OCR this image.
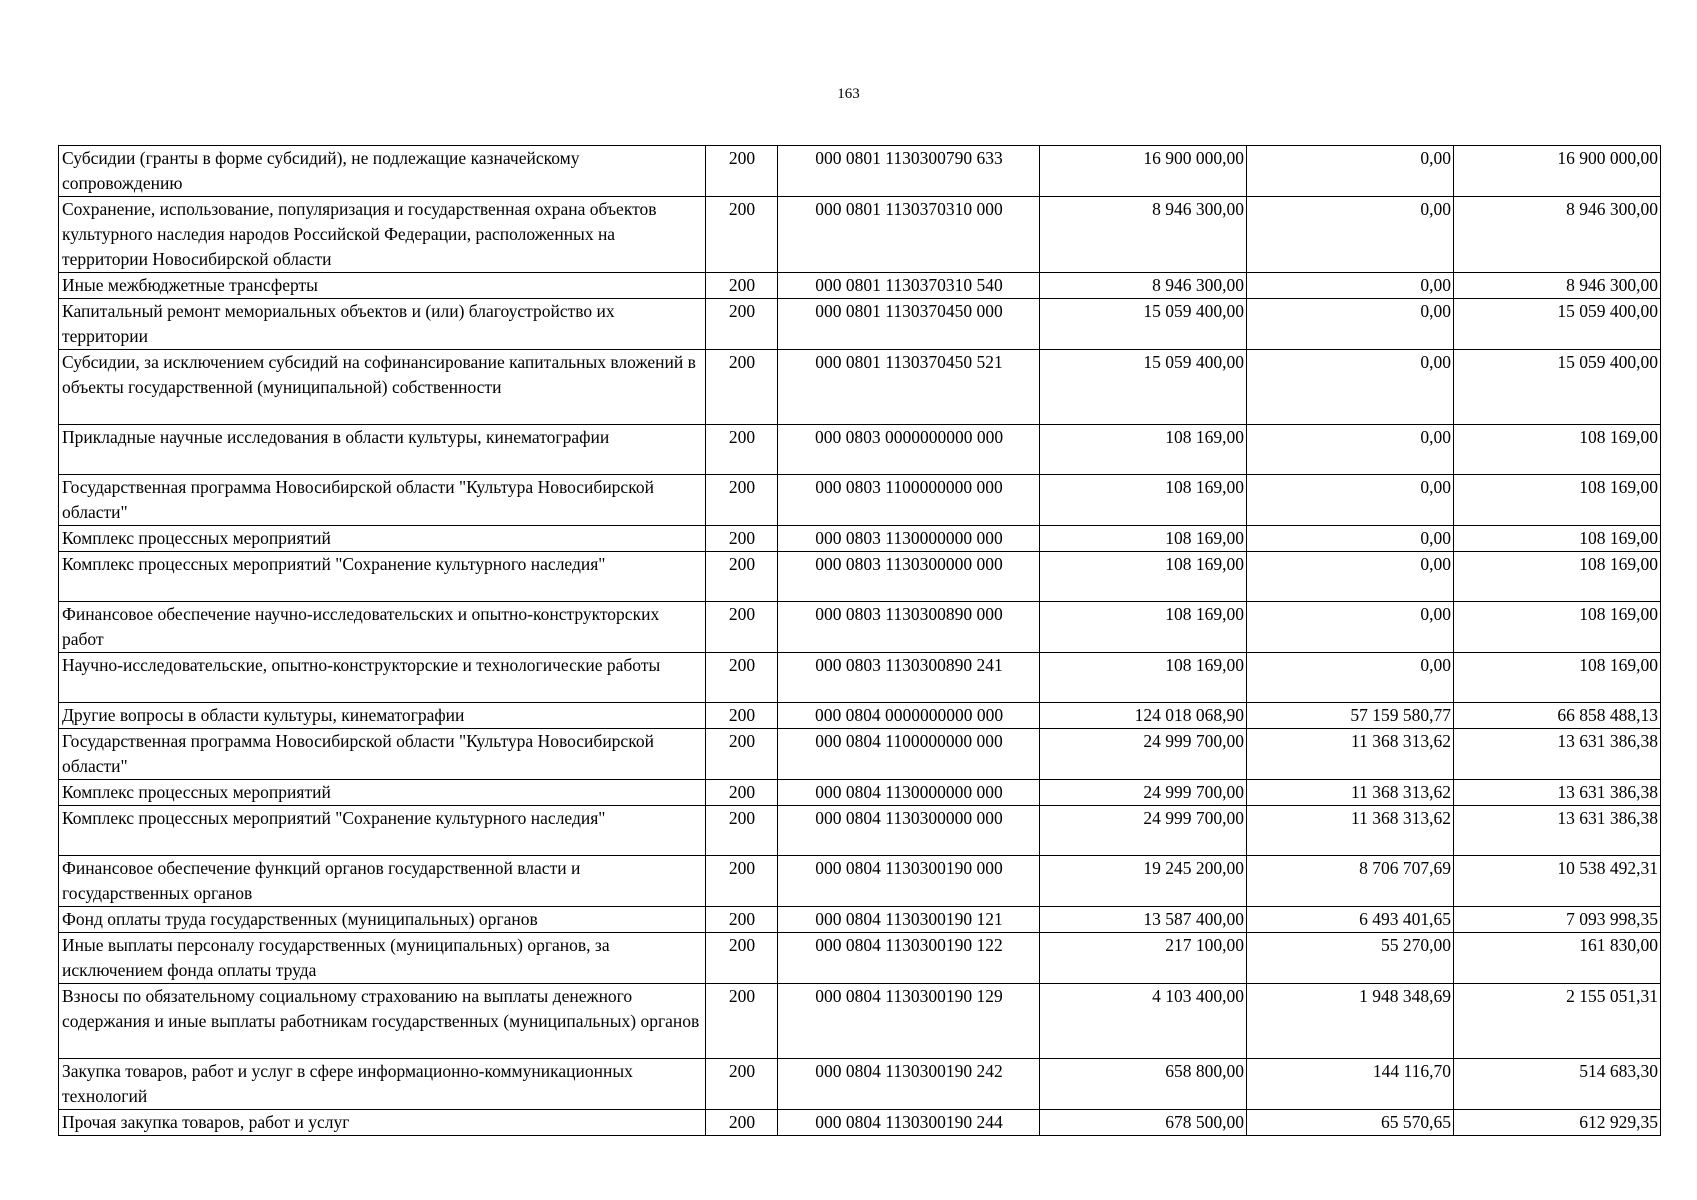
163
Субсидии (гранты в форме субсидий), не подлежащие казначейскому сопровождению	200	000 0801 1130300790 633	16 900 000,00	0,00	16 900 000,00
Сохранение, использование, популяризация и государственная охрана объектов культурного наследия народов Российской Федерации, расположенных на территории Новосибирской области	200	000 0801 1130370310 000	8 946 300,00	0,00	8 946 300,00
Иные межбюджетные трансферты	200	000 0801 1130370310 540	8 946 300,00	0,00	8 946 300,00
Капитальный ремонт мемориальных объектов и (или) благоустройство их территории	200	000 0801 1130370450 000	15 059 400,00	0,00	15 059 400,00
Субсидии, за исключением субсидий на софинансирование капитальных вложений в объекты государственной (муниципальной) собственности	200	000 0801 1130370450 521	15 059 400,00	0,00	15 059 400,00
Прикладные научные исследования в области культуры, кинематографии	200	000 0803 0000000000 000	108 169,00	0,00	108 169,00
Государственная программа Новосибирской области "Культура Новосибирской области"	200	000 0803 1100000000 000	108 169,00	0,00	108 169,00
Комплекс процессных мероприятий	200	000 0803 1130000000 000	108 169,00	0,00	108 169,00
Комплекс процессных мероприятий "Сохранение культурного наследия"	200	000 0803 1130300000 000	108 169,00	0,00	108 169,00
Финансовое обеспечение научно-исследовательских и опытно-конструкторских работ	200	000 0803 1130300890 000	108 169,00	0,00	108 169,00
Научно-исследовательские, опытно-конструкторские и технологические работы	200	000 0803 1130300890 241	108 169,00	0,00	108 169,00
Другие вопросы в области культуры, кинематографии	200	000 0804 0000000000 000	124 018 068,90	57 159 580,77	66 858 488,13
Государственная программа Новосибирской области "Культура Новосибирской области"	200	000 0804 1100000000 000	24 999 700,00	11 368 313,62	13 631 386,38
Комплекс процессных мероприятий	200	000 0804 1130000000 000	24 999 700,00	11 368 313,62	13 631 386,38
Комплекс процессных мероприятий "Сохранение культурного наследия"	200	000 0804 1130300000 000	24 999 700,00	11 368 313,62	13 631 386,38
Финансовое обеспечение функций органов государственной власти и государственных органов	200	000 0804 1130300190 000	19 245 200,00	8 706 707,69	10 538 492,31
Фонд оплаты труда государственных (муниципальных) органов	200	000 0804 1130300190 121	13 587 400,00	6 493 401,65	7 093 998,35
Иные выплаты персоналу государственных (муниципальных) органов, за исключением фонда оплаты труда	200	000 0804 1130300190 122	217 100,00	55 270,00	161 830,00
Взносы по обязательному социальному страхованию на выплаты денежного содержания и иные выплаты работникам государственных (муниципальных) органов	200	000 0804 1130300190 129	4 103 400,00	1 948 348,69	2 155 051,31
Закупка товаров, работ и услуг в сфере информационно-коммуникационных технологий	200	000 0804 1130300190 242	658 800,00	144 116,70	514 683,30
Прочая закупка товаров, работ и услуг	200	000 0804 1130300190 244	678 500,00	65 570,65	612 929,35
